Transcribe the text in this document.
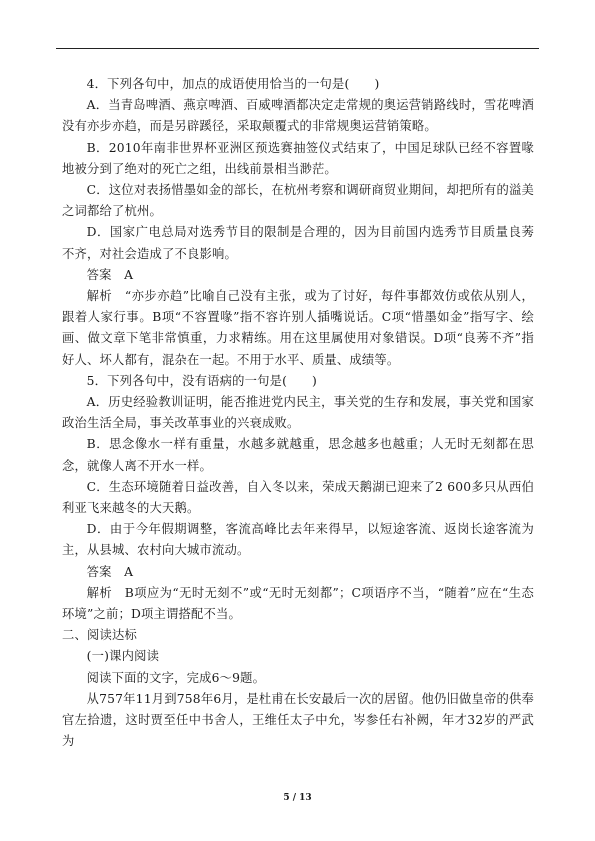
4．下列各句中，加点的成语使用恰当的一句是(　　)

A．当青岛啤酒、燕京啤酒、百威啤酒都决定走常规的奥运营销路线时，雪花啤酒没有亦步亦趋，而是另辟蹊径，采取颠覆式的非常规奥运营销策略。

B．2010年南非世界杯亚洲区预选赛抽签仪式结束了，中国足球队已经不容置喙地被分到了绝对的死亡之组，出线前景相当渺茫。

C．这位对表扬惜墨如金的部长，在杭州考察和调研商贸业期间，却把所有的溢美之词都给了杭州。

D．国家广电总局对选秀节目的限制是合理的，因为目前国内选秀节目质量良莠不齐，对社会造成了不良影响。

答案　A

解析　“亦步亦趋”比喻自己没有主张，或为了讨好，每件事都效仿或依从别人，跟着人家行事。B项“不容置喙”指不容许别人插嘴说话。C项“惜墨如金”指写字、绘画、做文章下笔非常慎重，力求精练。用在这里属使用对象错误。D项“良莠不齐”指好人、坏人都有，混杂在一起。不用于水平、质量、成绩等。

5．下列各句中，没有语病的一句是(　　)

A．历史经验教训证明，能否推进党内民主，事关党的生存和发展，事关党和国家政治生活全局，事关改革事业的兴衰成败。

B．思念像水一样有重量，水越多就越重，思念越多也越重；人无时无刻都在思念，就像人离不开水一样。

C．生态环境随着日益改善，自入冬以来，荣成天鹅湖已迎来了2 600多只从西伯利亚飞来越冬的大天鹅。

D．由于今年假期调整，客流高峰比去年来得早，以短途客流、返岗长途客流为主，从县城、农村向大城市流动。

答案　A

解析　B项应为“无时无刻不”或“无时无刻都”；C项语序不当，“随着”应在“生态环境”之前；D项主谓搭配不当。

二、阅读达标

(一)课内阅读

阅读下面的文字，完成6～9题。

从757年11月到758年6月，是杜甫在长安最后一次的居留。他仍旧做皇帝的供奉官左拾遗，这时贾至任中书舍人，王维任太子中允，岑参任右补阙，年才32岁的严武为

5 / 13
